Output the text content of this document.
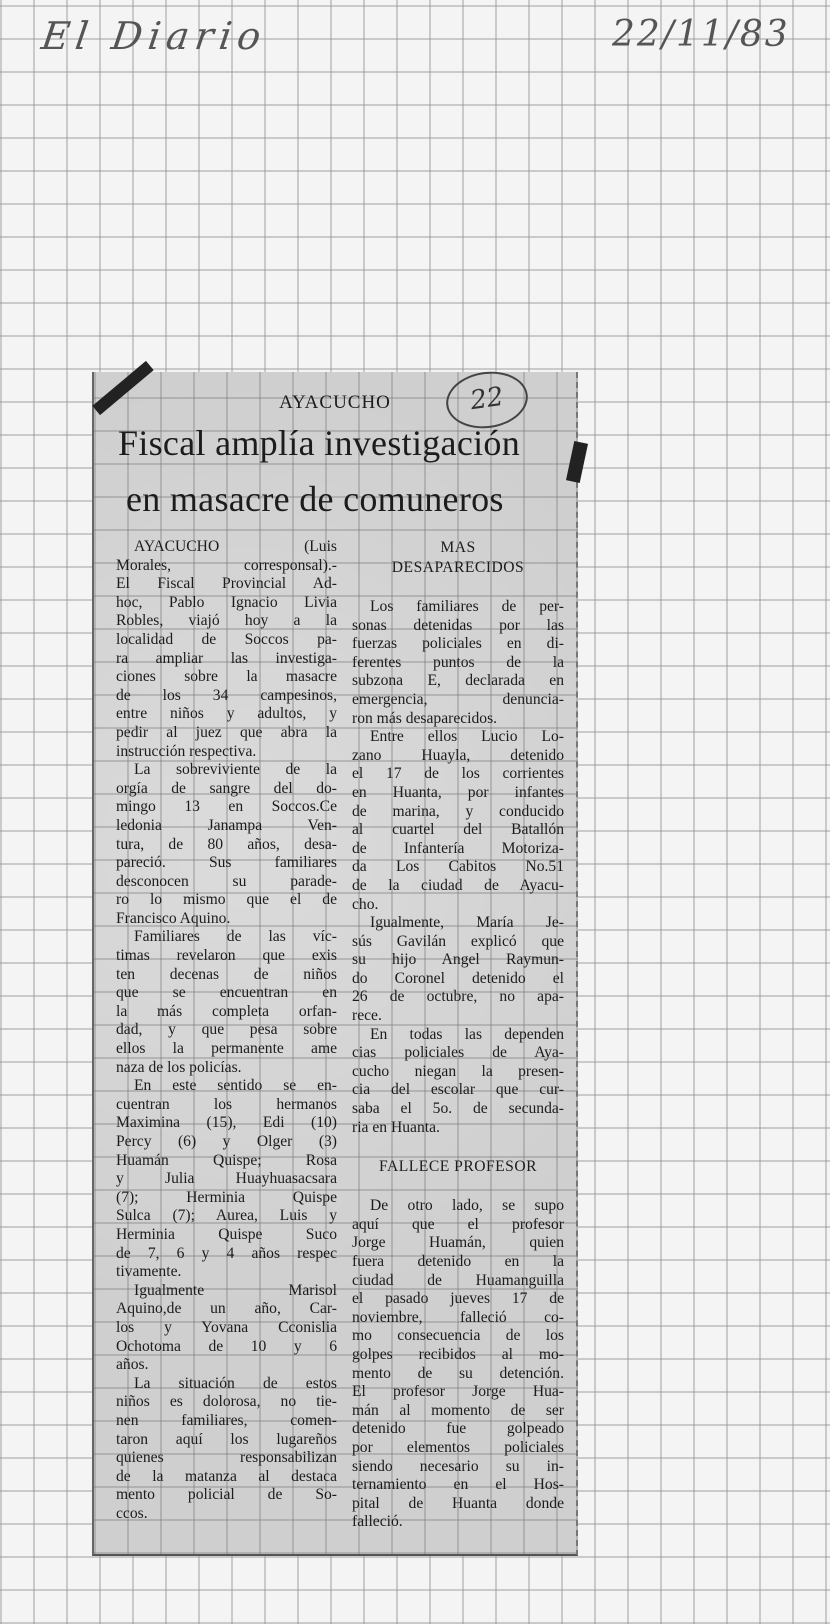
El Diario	22/11/83
AYACUCHO	22
Fiscal amplía investigación
en masacre de comuneros
AYACUCHO (Luis
Morales, corresponsal).-
El Fiscal Provincial Ad-
hoc, Pablo Ignacio Livia
Robles, viajó hoy a la
localidad de Soccos pa-
ra ampliar las investiga-
ciones sobre la masacre
de los 34 campesinos,
entre niños y adultos, y
pedir al juez que abra la
instrucción respectiva.
La sobreviviente de la
orgía de sangre del do-
mingo 13 en Soccos.Ce
ledonia Janampa Ven-
tura, de 80 años, desa-
pareció. Sus familiares
desconocen su parade-
ro lo mismo que el de
Francisco Aquino.
Familiares de las víc-
timas revelaron que exis
ten decenas de niños
que se encuentran en
la más completa orfan-
dad, y que pesa sobre
ellos la permanente ame
naza de los policías.
En este sentido se en-
cuentran los hermanos
Maximina (15), Edi (10)
Percy (6) y Olger (3)
Huamán Quispe; Rosa
y Julia Huayhuasacsara
(7); Herminia Quispe
Sulca (7); Aurea, Luis y
Herminia Quispe Suco
de 7, 6 y 4 años respec
tivamente.
Igualmente Marisol
Aquino,de un año, Car-
los y Yovana Cconislia
Ochotoma de 10 y 6
años.
La situación de estos
niños es dolorosa, no tie-
nen familiares, comen-
taron aquí los lugareños
quienes responsabilizan
de la matanza al destaca
mento policial de So-
ccos.
MAS
DESAPARECIDOS
Los familiares de per-
sonas detenidas por las
fuerzas policiales en di-
ferentes puntos de la
subzona E, declarada en
emergencia, denuncia-
ron más desaparecidos.
Entre ellos Lucio Lo-
zano Huayla, detenido
el 17 de los corrientes
en Huanta, por infantes
de marina, y conducido
al cuartel del Batallón
de Infantería Motoriza-
da Los Cabitos No.51
de la ciudad de Ayacu-
cho.
Igualmente, María Je-
sús Gavilán explicó que
su hijo Angel Raymun-
do Coronel detenido el
26 de octubre, no apa-
rece.
En todas las dependen
cias policiales de Aya-
cucho niegan la presen-
cia del escolar que cur-
saba el 5o. de secunda-
ria en Huanta.
FALLECE PROFESOR
De otro lado, se supo
aquí que el profesor
Jorge Huamán, quien
fuera detenido en la
ciudad de Huamanguilla
el pasado jueves 17 de
noviembre, falleció co-
mo consecuencia de los
golpes recibidos al mo-
mento de su detención.
El profesor Jorge Hua-
mán al momento de ser
detenido fue golpeado
por elementos policiales
siendo necesario su in-
ternamiento en el Hos-
pital de Huanta donde
falleció.
